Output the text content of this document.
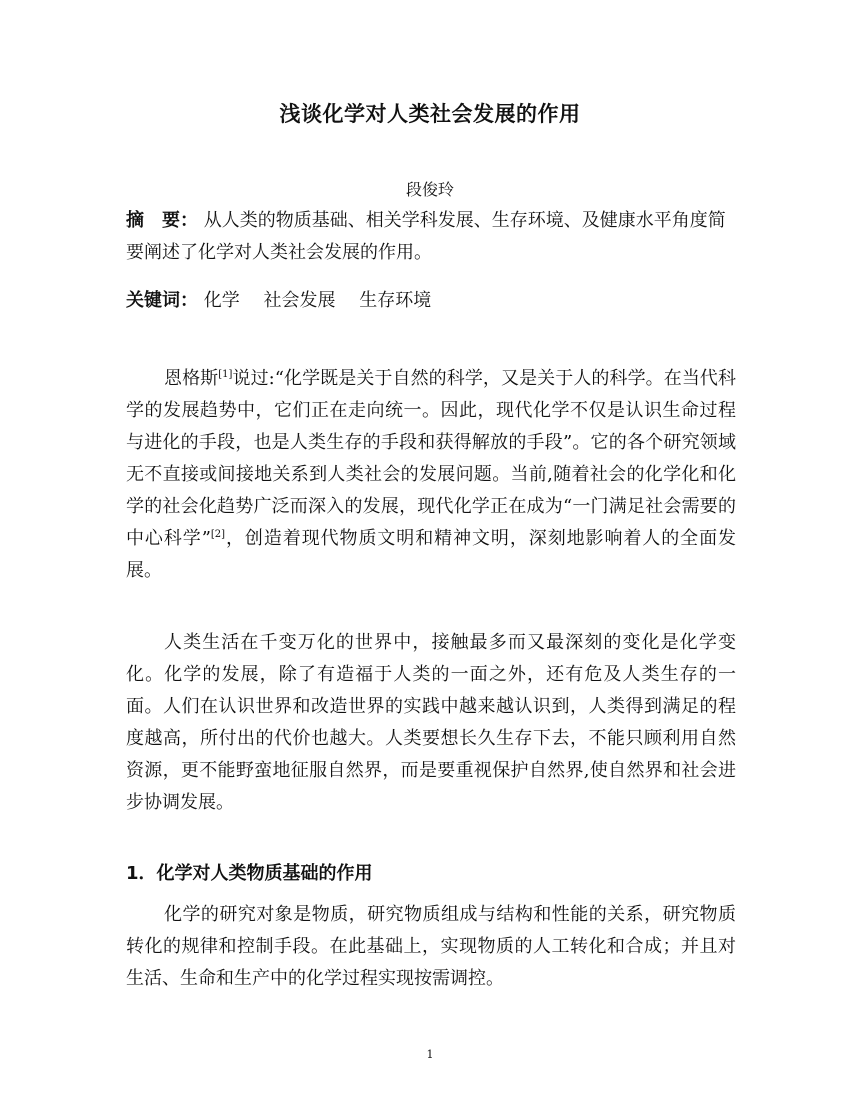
浅谈化学对人类社会发展的作用
段俊玲
摘　要： 从人类的物质基础、相关学科发展、生存环境、及健康水平角度简要阐述了化学对人类社会发展的作用。
关键词： 化学 社会发展 生存环境
恩格斯[1]说过:“化学既是关于自然的科学，又是关于人的科学。在当代科学的发展趋势中，它们正在走向统一。因此，现代化学不仅是认识生命过程与进化的手段，也是人类生存的手段和获得解放的手段”。它的各个研究领域无不直接或间接地关系到人类社会的发展问题。当前,随着社会的化学化和化学的社会化趋势广泛而深入的发展，现代化学正在成为“一门满足社会需要的中心科学”[2]，创造着现代物质文明和精神文明，深刻地影响着人的全面发展。
人类生活在千变万化的世界中，接触最多而又最深刻的变化是化学变化。化学的发展，除了有造福于人类的一面之外，还有危及人类生存的一面。人们在认识世界和改造世界的实践中越来越认识到，人类得到满足的程度越高，所付出的代价也越大。人类要想长久生存下去，不能只顾利用自然资源，更不能野蛮地征服自然界，而是要重视保护自然界,使自然界和社会进步协调发展。
1．化学对人类物质基础的作用
化学的研究对象是物质，研究物质组成与结构和性能的关系，研究物质转化的规律和控制手段。在此基础上，实现物质的人工转化和合成；并且对生活、生命和生产中的化学过程实现按需调控。
1
